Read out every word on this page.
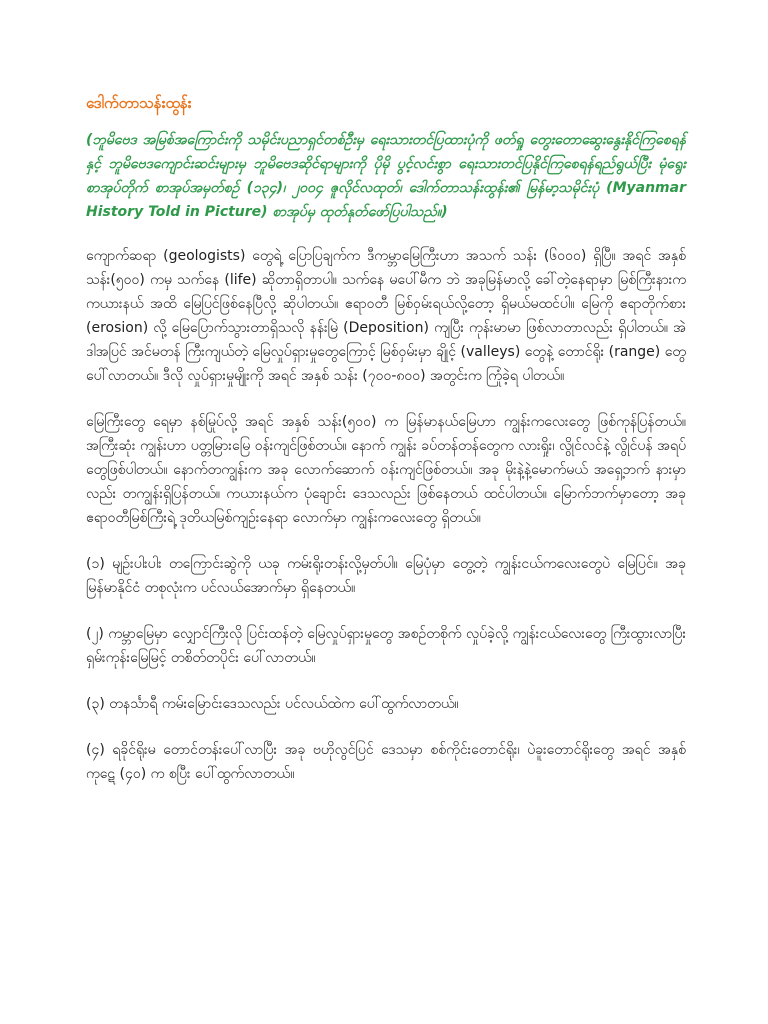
ဒေါက်တာသန်းထွန်း
(ဘူမိဗေဒ အမြစ်အကြောင်းကို သမိုင်းပညာရှင်တစ်ဦးမှ ရေးသားတင်ပြထားပုံကို ဖတ်ရှု တွေးတောဆွေးနွေးနိုင်ကြစေရန်နှင့် ဘူမိဗေဒကျောင်းဆင်းများမှ ဘူမိဗေဒဆိုင်ရာများကို ပိုမို ပွင့်လင်းစွာ ရေးသားတင်ပြနိုင်ကြစေရန်ရည်ရွယ်ပြီး မုံရွေးစာအုပ်တိုက် စာအုပ်အမှတ်စဉ် (၁၃၄)၊ ၂၀၀၄ ဇူလိုင်လထုတ်၊ ဒေါက်တာသန်းထွန်း၏ မြန်မာ့သမိုင်းပုံ (Myanmar History Told in Picture) စာအုပ်မှ ထုတ်နုတ်ဖော်ပြပါသည်။)
ကျောက်ဆရာ (geologists) တွေရဲ့ ပြောပြချက်က ဒီကမ္ဘာမြေကြီးဟာ အသက် သန်း (၆၀၀၀) ရှိပြီ။ အရင် အနှစ် သန်း(၅၀၀) ကမှ သက်နေ (life) ဆိုတာရှိတာပါ။ သက်နေ မပေါ်မီက ဘဲ အခုမြန်မာလို့ ခေါ်တဲ့နေရာမှာ မြစ်ကြီးနားက ကယားနယ် အထိ မြေပြင်ဖြစ်နေပြီလို့ ဆိုပါတယ်။ ဧရာဝတီ မြစ်ဝှမ်းရယ်လို့တော့ ရှိမယ်မထင်ပါ။ မြေကို ဧရာတိုက်စား (erosion) လို့ မြေပြောက်သွားတာရှိသလို နန်းမြဲ (Deposition) ကျပြီး ကုန်းမာမာ ဖြစ်လာတာလည်း ရှိပါတယ်။ အဲဒါအပြင် အင်မတန် ကြီးကျယ်တဲ့ မြေလှုပ်ရှားမှုတွေကြောင့် မြစ်ဝှမ်းမှာ ချိုင့် (valleys) တွေနဲ့ တောင်ရိုး (range) တွေ ပေါ်လာတယ်။ ဒီလို လှုပ်ရှားမှုမျိုးကို အရင် အနှစ် သန်း (၇၀၀-၈၀၀) အတွင်းက ကြုံခဲ့ရ ပါတယ်။
မြေကြီးတွေ ရေမှာ နစ်မြုပ်လို့ အရင် အနှစ် သန်း(၅၀၀) က မြန်မာနယ်မြေဟာ ကျွန်းကလေးတွေ ဖြစ်ကုန်ပြန်တယ်။ အကြီးဆုံး ကျွန်းဟာ ပတ္တမြားမြေ ဝန်းကျင်ဖြစ်တယ်။ နောက် ကျွန်း ခပ်တန်တန်တွေက လားရှိုး၊ လွိုင်လင်နဲ့ လွိုင်ပန် အရပ်တွေဖြစ်ပါတယ်။ နောက်တကျွန်းက အခု လောက်ဆောက် ဝန်းကျင်ဖြစ်တယ်။ အခု မိုးနဲ့နဲ့မောက်မယ် အရှေ့ဘက် နားမှာလည်း တကျွန်းရှိပြန်တယ်။ ကယားနယ်က ပုံချောင်း ဒေသလည်း ဖြစ်နေတယ် ထင်ပါတယ်။ မြောက်ဘက်မှာတော့ အခု ဧရာဝတီမြစ်ကြီးရဲ့ ဒုတိယမြစ်ကျဉ်းနေရာ လောက်မှာ ကျွန်းကလေးတွေ ရှိတယ်။
(၁) မျဉ်းပါးပါး တကြောင်းဆွဲကို ယခု ကမ်းရိုးတန်းလို့မှတ်ပါ။ မြေပုံမှာ တွေ့တဲ့ ကျွန်းငယ်ကလေးတွေပဲ မြေပြင်။ အခု မြန်မာနိုင်ငံ တစုလုံးက ပင်လယ်အောက်မှာ ရှိနေတယ်။
(၂) ကမ္ဘာမြေမှာ လျှောင်ကြီးလို ပြင်းထန်တဲ့ မြေလှုပ်ရှားမှုတွေ အစဉ်တစိုက် လှုပ်ခဲ့လို့ ကျွန်းငယ်လေးတွေ ကြီးထွားလာပြီး ရှမ်းကုန်းမြေမြင့် တစိတ်တပိုင်း ပေါ်လာတယ်။
(၃) တနင်္သာရီ ကမ်းမြောင်းဒေသလည်း ပင်လယ်ထဲက ပေါ်ထွက်လာတယ်။
(၄) ရခိုင်ရိုးမ တောင်တန်းပေါ်လာပြီး အခု ဗဟိုလွင်ပြင် ဒေသမှာ စစ်ကိုင်းတောင်ရိုး၊ ပဲခူးတောင်ရိုးတွေ အရင် အနှစ် ကုဋေ (၄၀) က စပြီး ပေါ်ထွက်လာတယ်။
